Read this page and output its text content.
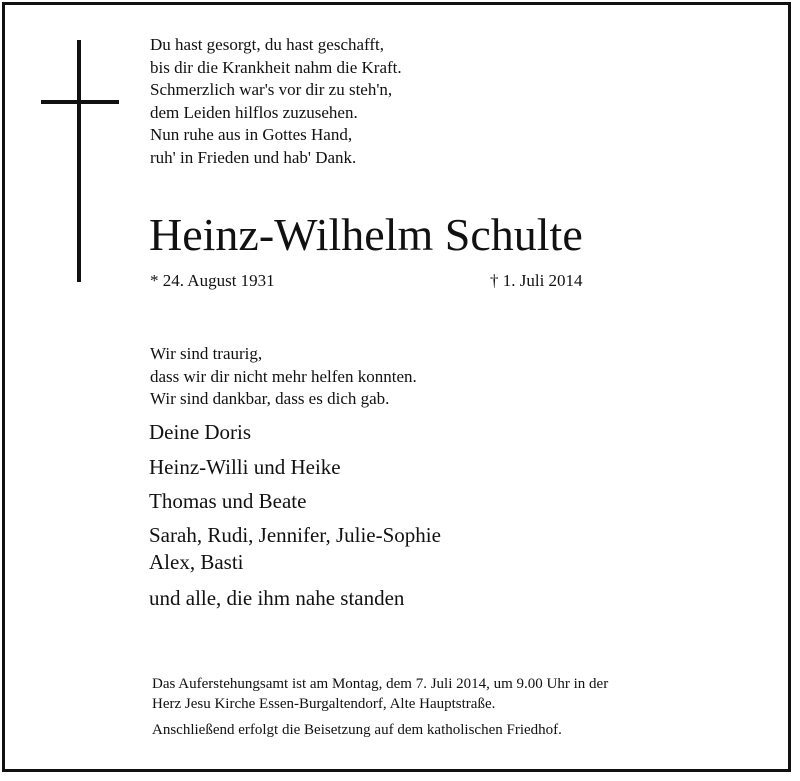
Du hast gesorgt, du hast geschafft,
bis dir die Krankheit nahm die Kraft.
Schmerzlich war's vor dir zu steh'n,
dem Leiden hilflos zuzusehen.
Nun ruhe aus in Gottes Hand,
ruh' in Frieden und hab' Dank.
Heinz-Wilhelm Schulte
* 24. August 1931	† 1. Juli 2014
Wir sind traurig,
dass wir dir nicht mehr helfen konnten.
Wir sind dankbar, dass es dich gab.
Deine Doris
Heinz-Willi und Heike
Thomas und Beate
Sarah, Rudi, Jennifer, Julie-Sophie
Alex, Basti
und alle, die ihm nahe standen
Das Auferstehungsamt ist am Montag, dem 7. Juli 2014, um 9.00 Uhr in der
Herz Jesu Kirche Essen-Burgaltendorf, Alte Hauptstraße.
Anschließend erfolgt die Beisetzung auf dem katholischen Friedhof.
